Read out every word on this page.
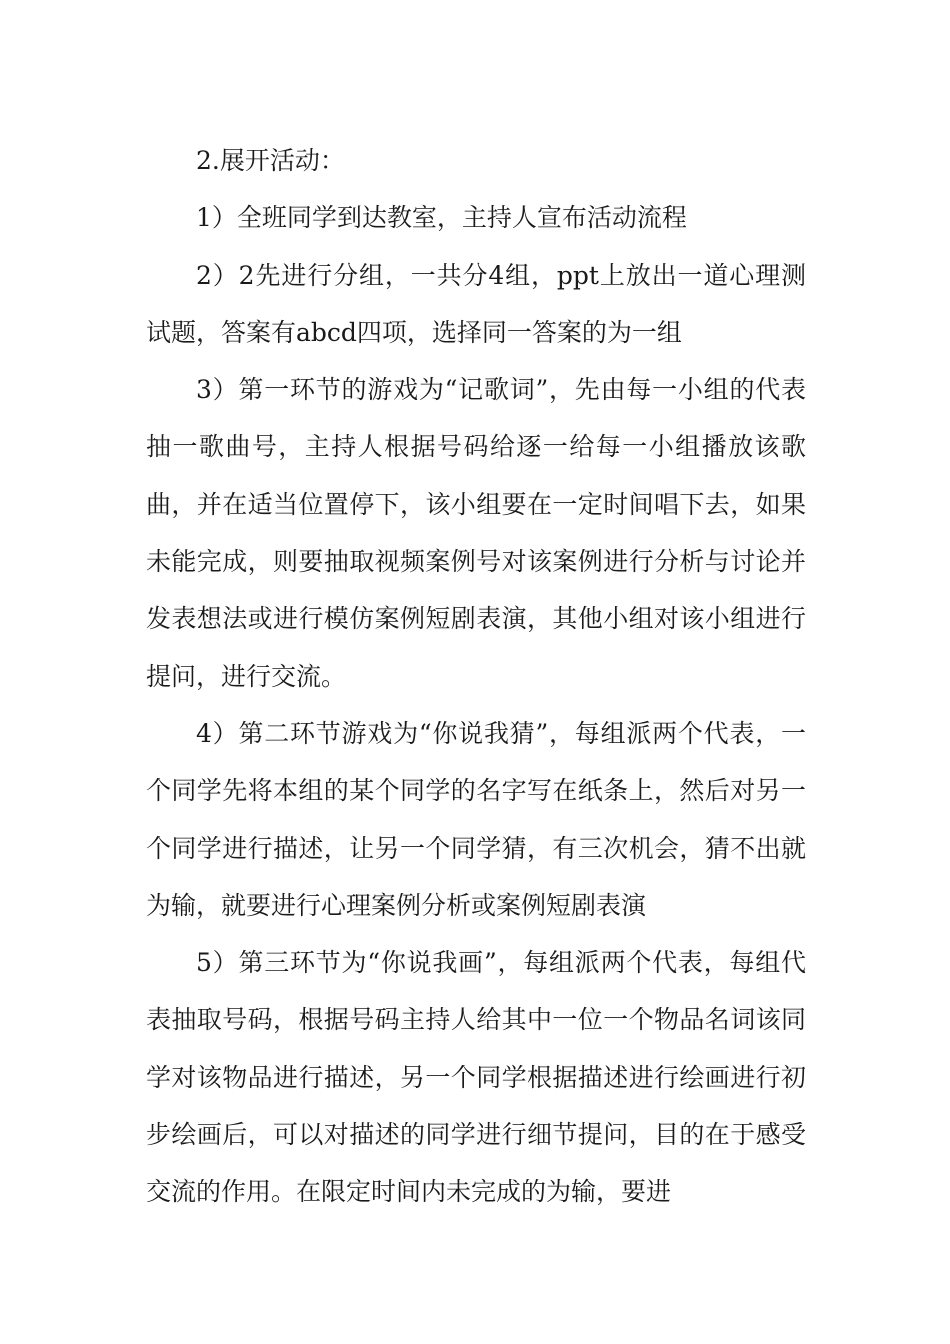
2.展开活动：

1）全班同学到达教室，主持人宣布活动流程

2）2先进行分组，一共分4组，ppt上放出一道心理测试题，答案有abcd四项，选择同一答案的为一组

3）第一环节的游戏为“记歌词”，先由每一小组的代表抽一歌曲号，主持人根据号码给逐一给每一小组播放该歌曲，并在适当位置停下，该小组要在一定时间唱下去，如果未能完成，则要抽取视频案例号对该案例进行分析与讨论并发表想法或进行模仿案例短剧表演，其他小组对该小组进行提问，进行交流。

4）第二环节游戏为“你说我猜”，每组派两个代表，一个同学先将本组的某个同学的名字写在纸条上，然后对另一个同学进行描述，让另一个同学猜，有三次机会，猜不出就为输，就要进行心理案例分析或案例短剧表演

5）第三环节为“你说我画”，每组派两个代表，每组代表抽取号码，根据号码主持人给其中一位一个物品名词该同学对该物品进行描述，另一个同学根据描述进行绘画进行初步绘画后，可以对描述的同学进行细节提问，目的在于感受交流的作用。在限定时间内未完成的为输，要进
